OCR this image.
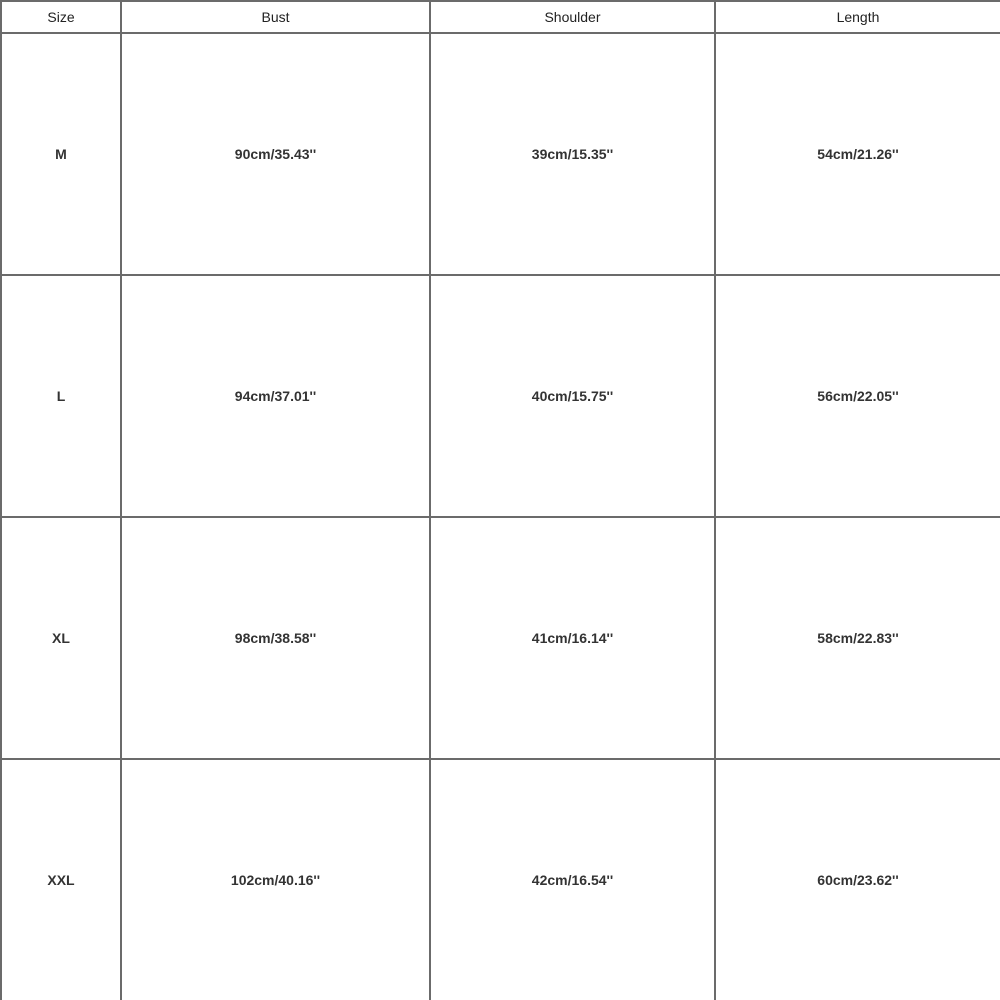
Size	Bust	Shoulder	Length
M	90cm/35.43''	39cm/15.35''	54cm/21.26''
L	94cm/37.01''	40cm/15.75''	56cm/22.05''
XL	98cm/38.58''	41cm/16.14''	58cm/22.83''
XXL	102cm/40.16''	42cm/16.54''	60cm/23.62''
